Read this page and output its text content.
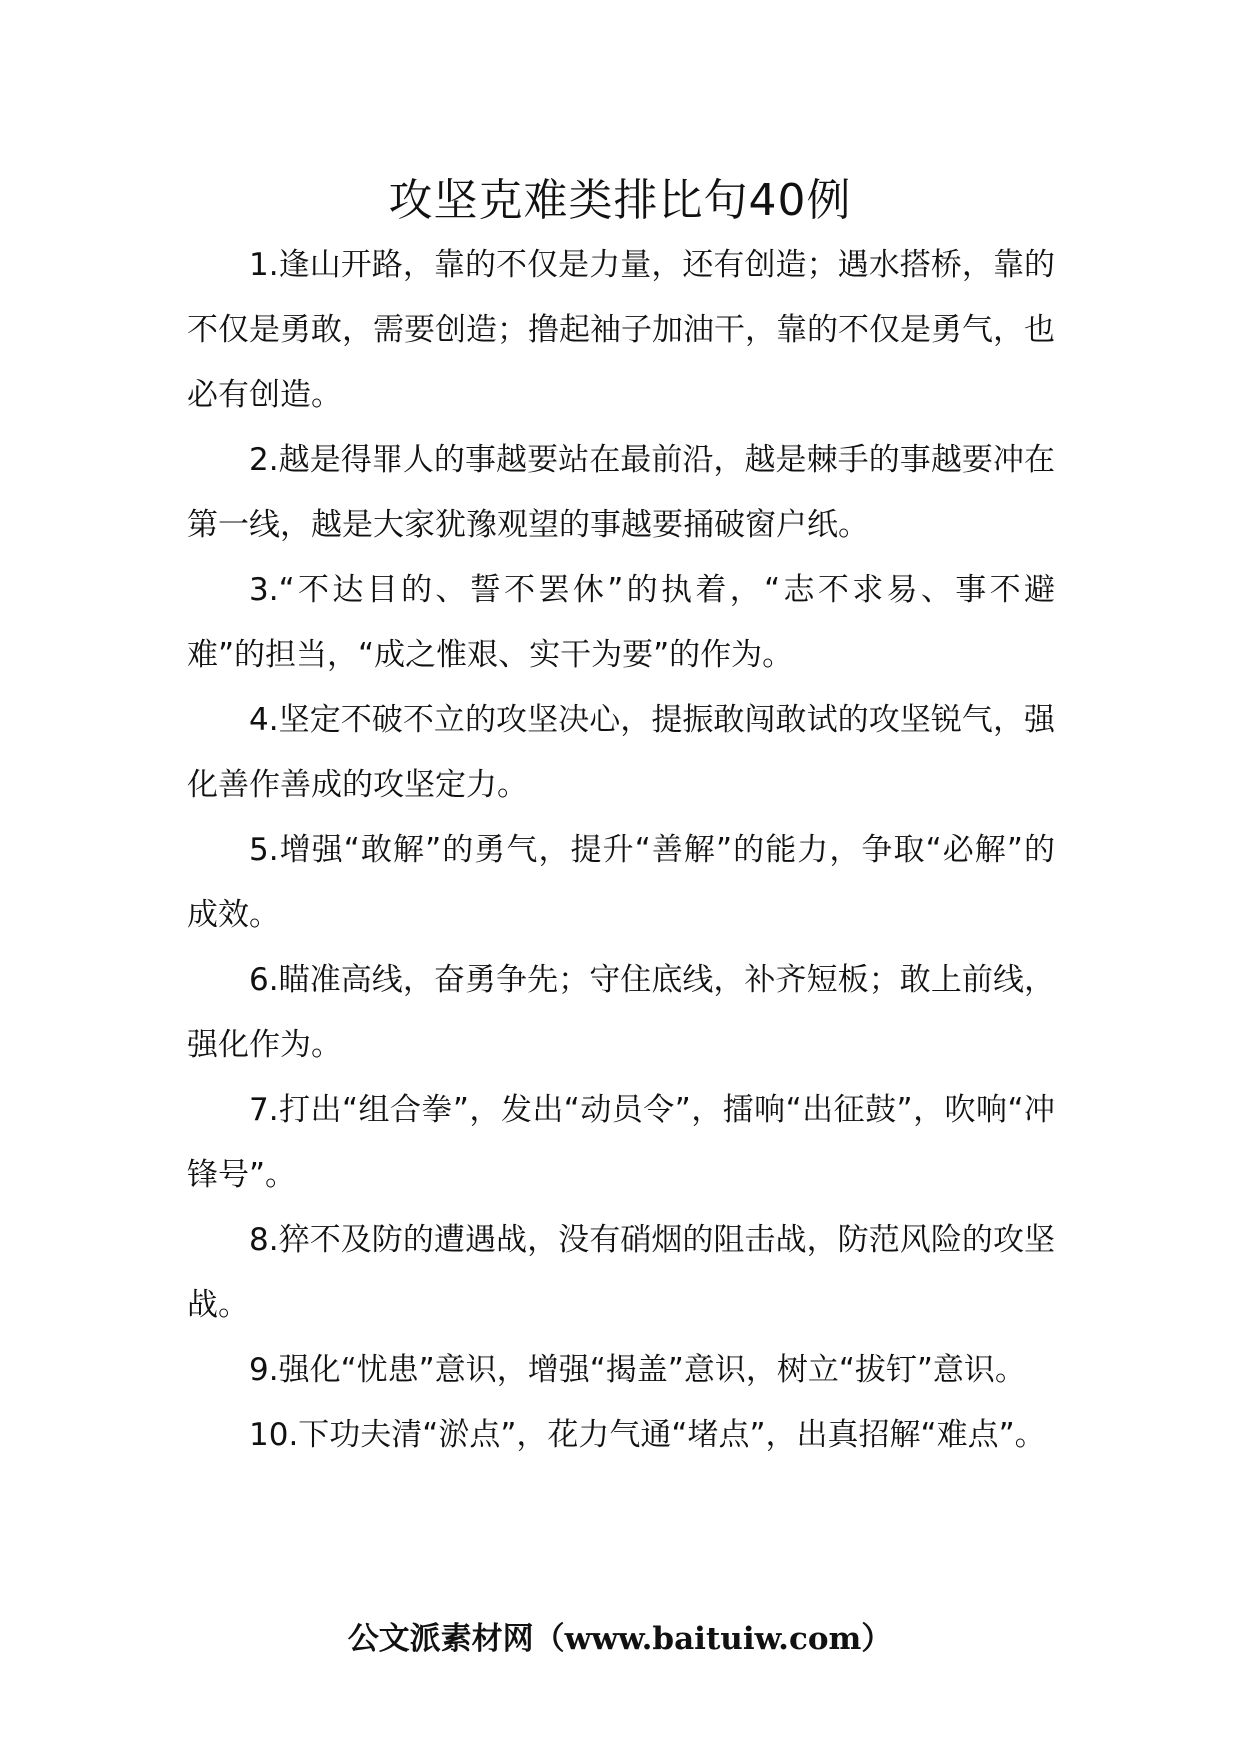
攻坚克难类排比句40例

1.逢山开路，靠的不仅是力量，还有创造；遇水搭桥，靠的不仅是勇敢，需要创造；撸起袖子加油干，靠的不仅是勇气，也必有创造。

2.越是得罪人的事越要站在最前沿，越是棘手的事越要冲在第一线，越是大家犹豫观望的事越要捅破窗户纸。

3.“不达目的、誓不罢休”的执着，“志不求易、事不避难”的担当，“成之惟艰、实干为要”的作为。

4.坚定不破不立的攻坚决心，提振敢闯敢试的攻坚锐气，强化善作善成的攻坚定力。

5.增强“敢解”的勇气，提升“善解”的能力，争取“必解”的成效。

6.瞄准高线，奋勇争先；守住底线，补齐短板；敢上前线，强化作为。

7.打出“组合拳”，发出“动员令”，擂响“出征鼓”，吹响“冲锋号”。

8.猝不及防的遭遇战，没有硝烟的阻击战，防范风险的攻坚战。

9.强化“忧患”意识，增强“揭盖”意识，树立“拔钉”意识。

10.下功夫清“淤点”，花力气通“堵点”，出真招解“难点”。

公文派素材网（www.baituiw.com）
